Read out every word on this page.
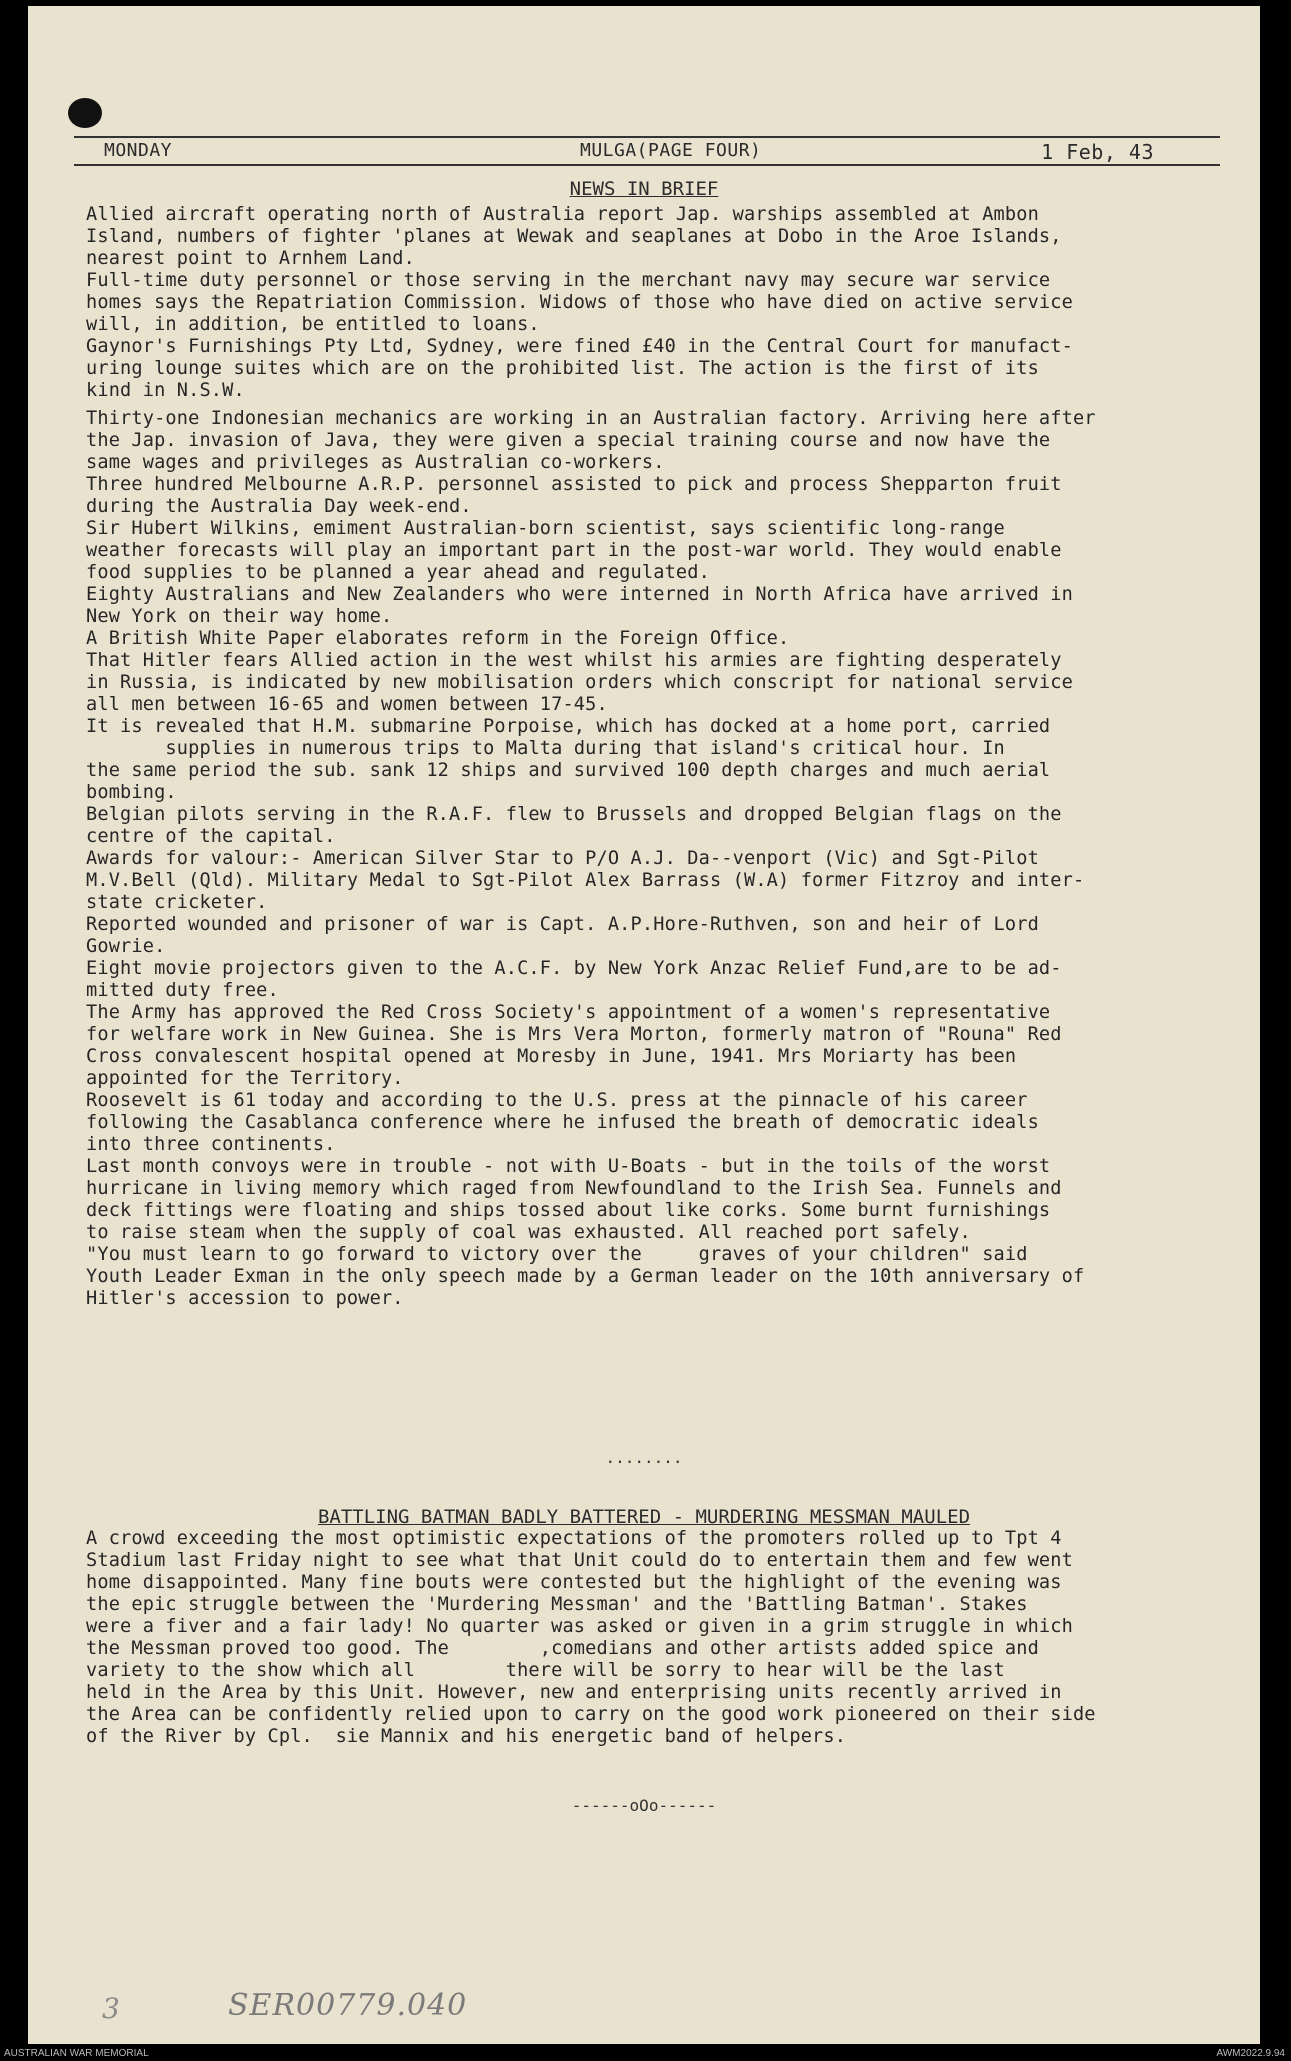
MONDAY	MULGA(PAGE FOUR)	1 Feb, 43
NEWS IN BRIEF

Allied aircraft operating north of Australia report Jap. warships assembled at Ambon
Island, numbers of fighter 'planes at Wewak and seaplanes at Dobo in the Aroe Islands,
nearest point to Arnhem Land.

Full-time duty personnel or those serving in the merchant navy may secure war service
homes says the Repatriation Commission. Widows of those who have died on active service
will, in addition, be entitled to loans.

Gaynor's Furnishings Pty Ltd, Sydney, were fined £40 in the Central Court for manufact-
uring lounge suites which are on the prohibited list. The action is the first of its
kind in N.S.W.

Thirty-one Indonesian mechanics are working in an Australian factory. Arriving here after
the Jap. invasion of Java, they were given a special training course and now have the
same wages and privileges as Australian co-workers.

Three hundred Melbourne A.R.P. personnel assisted to pick and process Shepparton fruit
during the Australia Day week-end.

Sir Hubert Wilkins, emiment Australian-born scientist, says scientific long-range
weather forecasts will play an important part in the post-war world. They would enable
food supplies to be planned a year ahead and regulated.

Eighty Australians and New Zealanders who were interned in North Africa have arrived in
New York on their way home.

A British White Paper elaborates reform in the Foreign Office.

That Hitler fears Allied action in the west whilst his armies are fighting desperately
in Russia, is indicated by new mobilisation orders which conscript for national service
all men between 16-65 and women between 17-45.

It is revealed that H.M. submarine Porpoise, which has docked at a home port, carried
supplies in numerous trips to Malta during that island's critical hour. In
the same period the sub. sank 12 ships and survived 100 depth charges and much aerial
bombing.

Belgian pilots serving in the R.A.F. flew to Brussels and dropped Belgian flags on the
centre of the capital.

Awards for valour:- American Silver Star to P/O A.J. Da--venport (Vic) and Sgt-Pilot
M.V.Bell (Qld). Military Medal to Sgt-Pilot Alex Barrass (W.A) former Fitzroy and inter-
state cricketer.

Reported wounded and prisoner of war is Capt. A.P.Hore-Ruthven, son and heir of Lord
Gowrie.

Eight movie projectors given to the A.C.F. by New York Anzac Relief Fund,are to be ad-
mitted duty free.

The Army has approved the Red Cross Society's appointment of a women's representative
for welfare work in New Guinea. She is Mrs Vera Morton, formerly matron of "Rouna" Red
Cross convalescent hospital opened at Moresby in June, 1941. Mrs Moriarty has been
appointed for the Territory.

Roosevelt is 61 today and according to the U.S. press at the pinnacle of his career
following the Casablanca conference where he infused the breath of democratic ideals
into three continents.

Last month convoys were in trouble - not with U-Boats - but in the toils of the worst
hurricane in living memory which raged from Newfoundland to the Irish Sea. Funnels and
deck fittings were floating and ships tossed about like corks. Some burnt furnishings
to raise steam when the supply of coal was exhausted. All reached port safely.

"You must learn to go forward to victory over the     graves of your children" said
Youth Leader Exman in the only speech made by a German leader on the 10th anniversary of
Hitler's accession to power.

........
BATTLING BATMAN BADLY BATTERED - MURDERING MESSMAN MAULED

A crowd exceeding the most optimistic expectations of the promoters rolled up to Tpt 4
Stadium last Friday night to see what that Unit could do to entertain them and few went
home disappointed. Many fine bouts were contested but the highlight of the evening was
the epic struggle between the 'Murdering Messman' and the 'Battling Batman'. Stakes
were a fiver and a fair lady! No quarter was asked or given in a grim struggle in which
the Messman proved too good. The        ,comedians and other artists added spice and
variety to the show which all        there will be sorry to hear will be the last
held in the Area by this Unit. However, new and enterprising units recently arrived in
the Area can be confidently relied upon to carry on the good work pioneered on their side
of the River by Cpl.  sie Mannix and his energetic band of helpers.

------oOo------
3	SER00779.040
AUSTRALIAN WAR MEMORIAL	AWM2022.9.94
